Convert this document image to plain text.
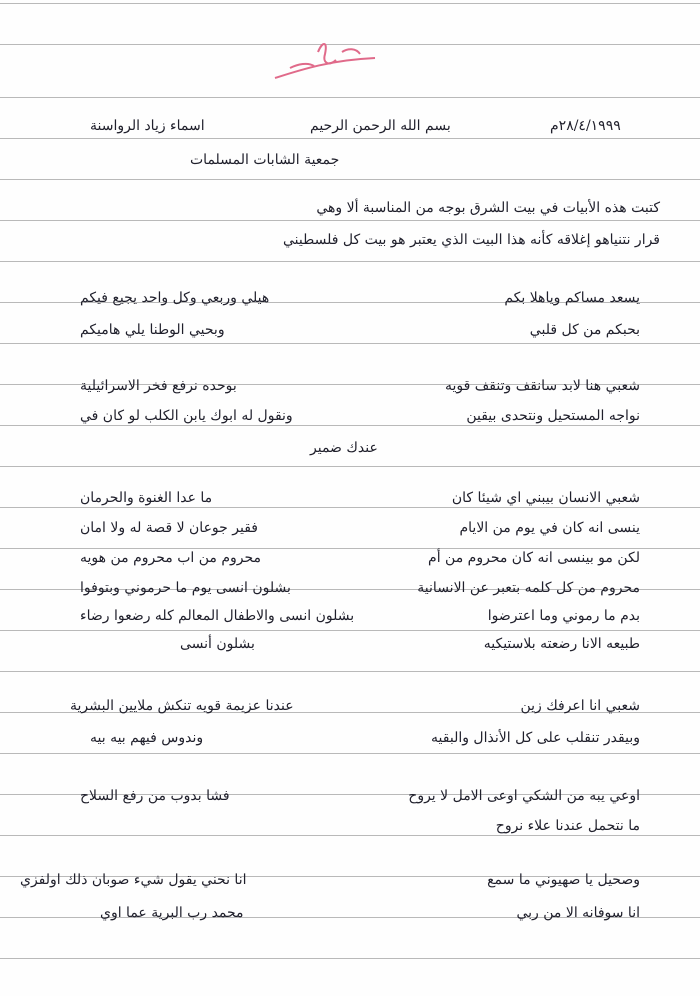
٢٨/٤/١٩٩٩م
بسم الله الرحمن الرحيم
اسماء زياد الرواسنة
جمعية الشابات المسلمات
كتبت هذه الأبيات في بيت الشرق بوجه من المناسبة ألا وهي
قرار نتنياهو إغلاقه كأنه هذا البيت الذي يعتبر هو بيت كل فلسطيني
يسعد مساكم وياهلا بكم
هيلي وربعي وكل واحد يجيع فيكم
بحبكم من كل قلبي
وبحيي الوطنا يلي هاميكم
شعبي هنا لابد سانقف وتنقف قويه
بوحده نرفع فخر الاسرائيلية
نواجه المستحيل ونتحدى بيقين
ونقول له ابوك يابن الكلب لو كان في
عندك ضمير
شعبي الانسان بيبني اي شيئا كان
ما عدا الغنوة والحرمان
ينسى انه كان في يوم من الايام
فقير جوعان لا قصة له ولا امان
لكن مو بينسى انه كان محروم من أم
محروم من اب محروم من هويه
محروم من كل كلمه بتعبر عن الانسانية
بشلون انسى يوم ما حرموني وبتوفوا
بدم ما رموني وما اعترضوا
بشلون انسى والاطفال المعالم كله رضعوا رضاء
طبيعه الانا رضعته بلاستيكيه
بشلون أنسى
شعبي انا اعرفك زين
عندنا عزيمة قويه تنكش ملايين البشرية
وبيقدر تنقلب على كل الأنذال والبقيه
وندوس فيهم بيه بيه
اوعي يبه من الشكي اوعى الامل لا يروح
فشا بدوب من رفع السلاح
ما نتحمل عندنا علاء نروح
وصحيل يا صهيوني ما سمع
انا نحني يقول شيء صوبان ذلك اولفزي
انا سوفانه الا من ربي
محمد رب البرية عما اوي
